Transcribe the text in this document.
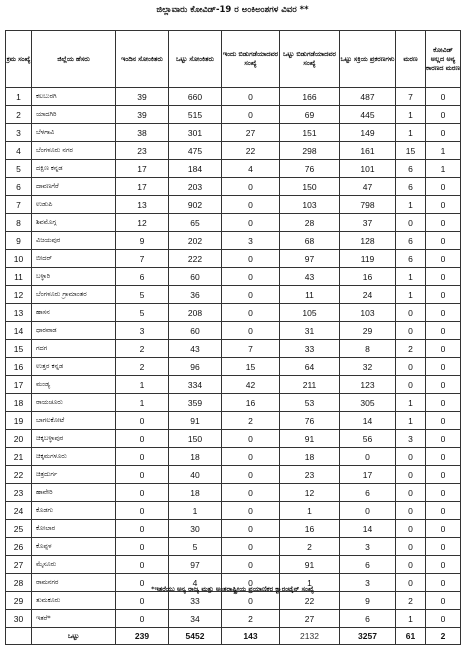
ಜಿಲ್ಲಾವಾರು ಕೋವಿಡ್-19 ರ ಅಂಕಿಅಂಶಗಳ ವಿವರ **
ಕ್ರಮ ಸಂಖ್ಯೆ	ಜಿಲ್ಲೆಯ ಹೆಸರು	ಇಂದಿನ ಸೋಂಕಿತರು	ಒಟ್ಟು ಸೋಂಕಿತರು	ಇಂದು ಬಿಡುಗಡೆಯಾದವರ ಸಂಖ್ಯೆ	ಒಟ್ಟು ಬಿಡುಗಡೆಯಾದವರ ಸಂಖ್ಯೆ	ಒಟ್ಟು ಸಕ್ರಿಯ ಪ್ರಕರಣಗಳು	ಮರಣ	ಕೋವಿಡ್ ಅಲ್ಲದ ಅನ್ಯ ಕಾರಣದ ಮರಣ
1	ಕಲಬುರಗಿ	39	660	0	166	487	7	0
2	ಯಾದಗಿರಿ	39	515	0	69	445	1	0
3	ಬೆಳಗಾವಿ	38	301	27	151	149	1	0
4	ಬೆಂಗಳೂರು ನಗರ	23	475	22	298	161	15	1
5	ದಕ್ಷಿಣ ಕನ್ನಡ	17	184	4	76	101	6	1
6	ದಾವಣಗೆರೆ	17	203	0	150	47	6	0
7	ಉಡುಪಿ	13	902	0	103	798	1	0
8	ಶಿವಮೊಗ್ಗ	12	65	0	28	37	0	0
9	ವಿಜಯಪುರ	9	202	3	68	128	6	0
10	ಬೀದರ್	7	222	0	97	119	6	0
11	ಬಳ್ಳಾರಿ	6	60	0	43	16	1	0
12	ಬೆಂಗಳೂರು ಗ್ರಾಮಾಂತರ	5	36	0	11	24	1	0
13	ಹಾಸನ	5	208	0	105	103	0	0
14	ಧಾರವಾಡ	3	60	0	31	29	0	0
15	ಗದಗ	2	43	7	33	8	2	0
16	ಉತ್ತರ ಕನ್ನಡ	2	96	15	64	32	0	0
17	ಮಂಡ್ಯ	1	334	42	211	123	0	0
18	ರಾಯಚೂರು	1	359	16	53	305	1	0
19	ಬಾಗಲಕೋಟೆ	0	91	2	76	14	1	0
20	ಚಿಕ್ಕಬಳ್ಳಾಪುರ	0	150	0	91	56	3	0
21	ಚಿಕ್ಕಮಗಳೂರು	0	18	0	18	0	0	0
22	ಚಿತ್ರದುರ್ಗ	0	40	0	23	17	0	0
23	ಹಾವೇರಿ	0	18	0	12	6	0	0
24	ಕೊಡಗು	0	1	0	1	0	0	0
25	ಕೋಲಾರ	0	30	0	16	14	0	0
26	ಕೊಪ್ಪಳ	0	5	0	2	3	0	0
27	ಮೈಸೂರು	0	97	0	91	6	0	0
28	ರಾಮನಗರ	0	4	0	1	3	0	0
29	ತುಮಕೂರು	0	33	0	22	9	2	0
30	ಇತರೆ*	0	34	2	27	6	1	0
	ಒಟ್ಟು	239	5452	143	2132	3257	61	2
*ಇತರೆಯು ಅನ್ಯ ರಾಜ್ಯ ಮತ್ತು ಅಂತರಾಷ್ಟ್ರೀಯ ಪ್ರಯಾಣಿಕರ ಕ್ವಾರಂಟೈನ್ ಸಂಖ್ಯೆ
